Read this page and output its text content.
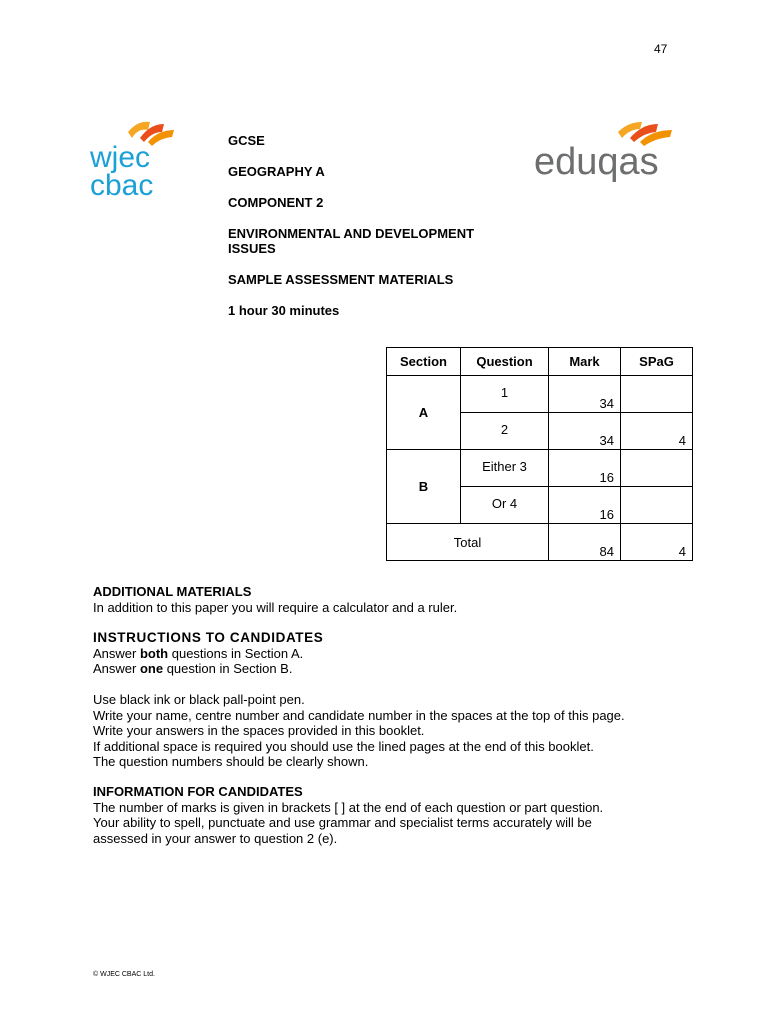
47
wjec
cbac
eduqas
GCSE
GEOGRAPHY A
COMPONENT 2
ENVIRONMENTAL AND DEVELOPMENT ISSUES
SAMPLE ASSESSMENT MATERIALS
1 hour 30 minutes
Section	Question	Mark	SPaG
A	1	34	
	2	34	4
B	Either 3	16	
	Or 4	16	
Total		84	4
ADDITIONAL MATERIALS
In addition to this paper you will require a calculator and a ruler.
INSTRUCTIONS TO CANDIDATES
Answer both questions in Section A.
Answer one question in Section B.
Use black ink or black pall-point pen.
Write your name, centre number and candidate number in the spaces at the top of this page.
Write your answers in the spaces provided in this booklet.
If additional space is required you should use the lined pages at the end of this booklet.
The question numbers should be clearly shown.
INFORMATION FOR CANDIDATES
The number of marks is given in brackets [ ] at the end of each question or part question.
Your ability to spell, punctuate and use grammar and specialist terms accurately will be
assessed in your answer to question 2 (e).
© WJEC CBAC Ltd.
